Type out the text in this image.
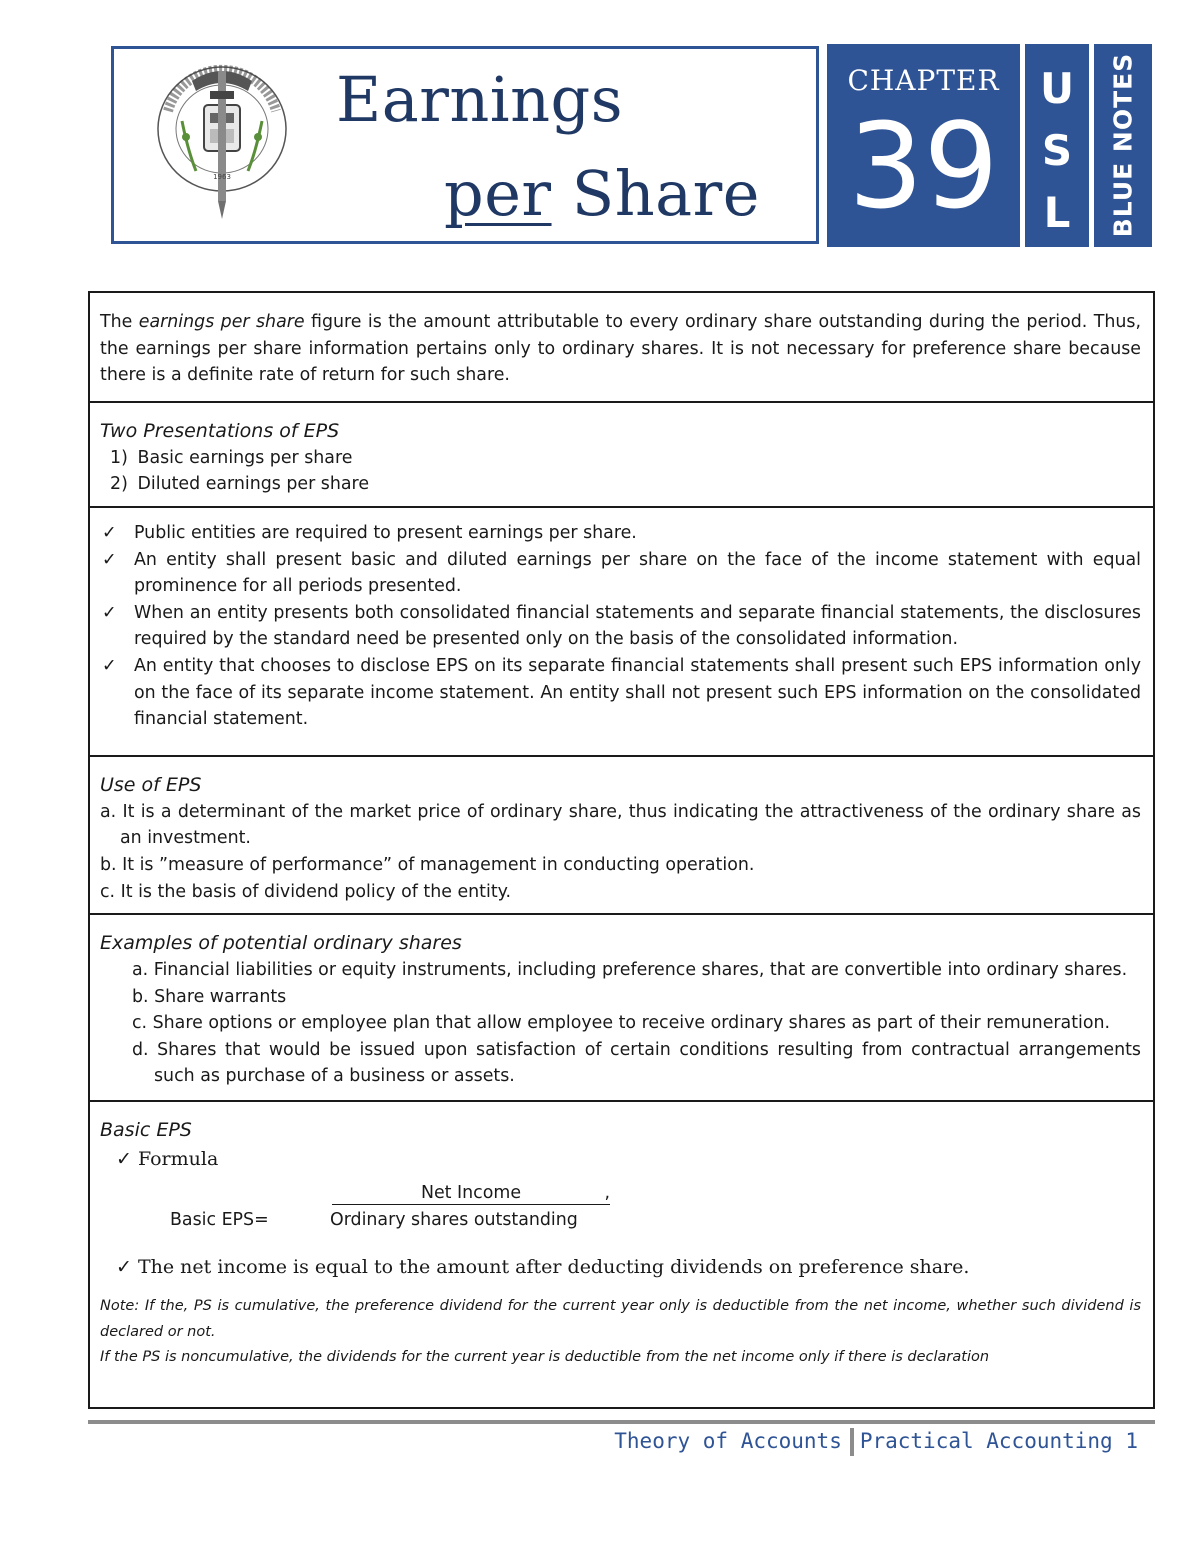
1963
Earnings
per Share
CHAPTER
39
U
S
L	BLUE NOTES
The earnings per share figure is the amount attributable to every ordinary share outstanding during the period. Thus, the earnings per share information pertains only to ordinary shares. It is not necessary for preference share because there is a definite rate of return for such share.
Two Presentations of EPS
1) Basic earnings per share
2) Diluted earnings per share
✓ Public entities are required to present earnings per share.
✓ An entity shall present basic and diluted earnings per share on the face of the income statement with equal prominence for all periods presented.
✓ When an entity presents both consolidated financial statements and separate financial statements, the disclosures required by the standard need be presented only on the basis of the consolidated information.
✓ An entity that chooses to disclose EPS on its separate financial statements shall present such EPS information only on the face of its separate income statement. An entity shall not present such EPS information on the consolidated financial statement.
Use of EPS
a. It is a determinant of the market price of ordinary share, thus indicating the attractiveness of the ordinary share as an investment.
b. It is ”measure of performance” of management in conducting operation.
c. It is the basis of dividend policy of the entity.
Examples of potential ordinary shares
a. Financial liabilities or equity instruments, including preference shares, that are convertible into ordinary shares.
b. Share warrants
c. Share options or employee plan that allow employee to receive ordinary shares as part of their remuneration.
d. Shares that would be issued upon satisfaction of certain conditions resulting from contractual arrangements such as purchase of a business or assets.
Basic EPS
✓ Formula
Basic EPS=
Net Income	,
Ordinary shares outstanding
✓ The net income is equal to the amount after deducting dividends on preference share.
Note: If the, PS is cumulative, the preference dividend for the current year only is deductible from the net income, whether such dividend is declared or not.
If the PS is noncumulative, the dividends for the current year is deductible from the net income only if there is declaration
Theory of Accounts Practical Accounting 1
